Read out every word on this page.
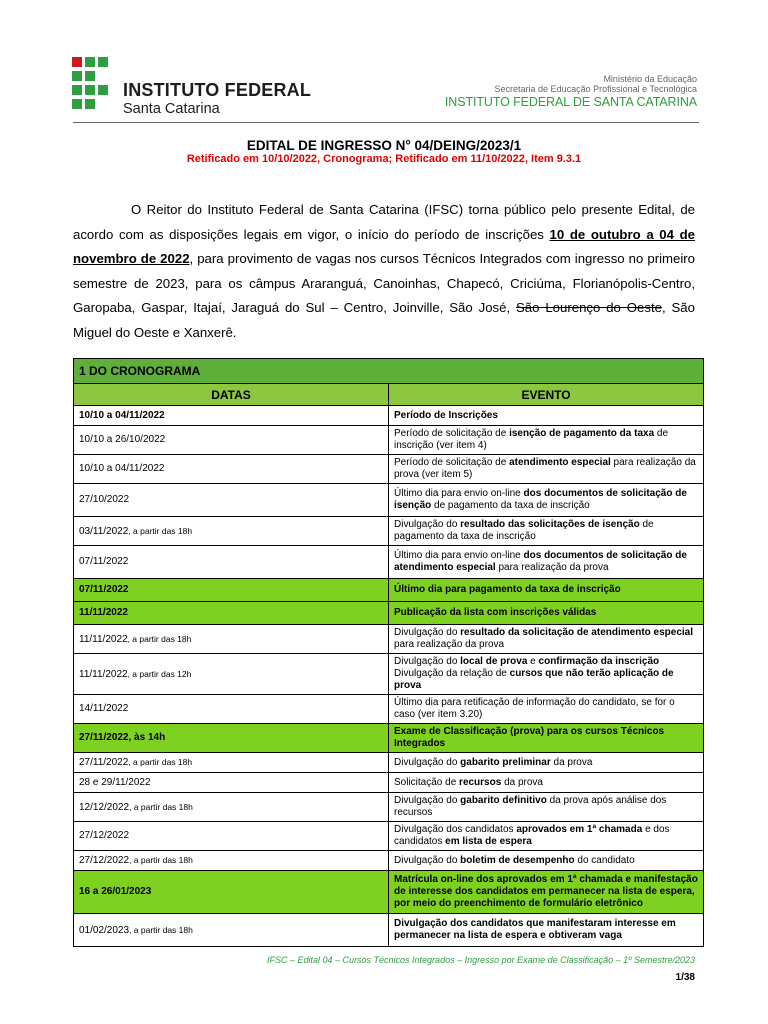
INSTITUTO FEDERAL
Santa Catarina
Ministério da Educação
Secretaria de Educação Profissional e Tecnológica
INSTITUTO FEDERAL DE SANTA CATARINA
EDITAL DE INGRESSO N° 04/DEING/2023/1
Retificado em 10/10/2022, Cronograma; Retificado em 11/10/2022, Item 9.3.1
O Reitor do Instituto Federal de Santa Catarina (IFSC) torna público pelo presente Edital, de acordo com as disposições legais em vigor, o início do período de inscrições 10 de outubro a 04 de novembro de 2022, para provimento de vagas nos cursos Técnicos Integrados com ingresso no primeiro semestre de 2023, para os câmpus Araranguá, Canoinhas, Chapecó, Criciúma, Florianópolis-Centro, Garopaba, Gaspar, Itajaí, Jaraguá do Sul – Centro, Joinville, São José, São Lourenço do Oeste, São Miguel do Oeste e Xanxerê.
1 DO CRONOGRAMA	
DATAS	EVENTO
10/10 a 04/11/2022	Período de Inscrições
10/10 a 26/10/2022	Período de solicitação de isenção de pagamento da taxa de inscrição (ver item 4)
10/10 a 04/11/2022	Período de solicitação de atendimento especial para realização da prova (ver item 5)
27/10/2022	Último dia para envio on-line dos documentos de solicitação de isenção de pagamento da taxa de inscrição
03/11/2022, a partir das 18h	Divulgação do resultado das solicitações de isenção de pagamento da taxa de inscrição
07/11/2022	Último dia para envio on-line dos documentos de solicitação de atendimento especial para realização da prova
07/11/2022	Último dia para pagamento da taxa de inscrição
11/11/2022	Publicação da lista com inscrições válidas
11/11/2022, a partir das 18h	Divulgação do resultado da solicitação de atendimento especial para realização da prova
11/11/2022, a partir das 12h	Divulgação do local de prova e confirmação da inscrição
Divulgação da relação de cursos que não terão aplicação de prova
14/11/2022	Último dia para retificação de informação do candidato, se for o caso (ver item 3.20)
27/11/2022, às 14h	Exame de Classificação (prova) para os cursos Técnicos Integrados
27/11/2022, a partir das 18h	Divulgação do gabarito preliminar da prova
28 e 29/11/2022	Solicitação de recursos da prova
12/12/2022, a partir das 18h	Divulgação do gabarito definitivo da prova após análise dos recursos
27/12/2022	Divulgação dos candidatos aprovados em 1ª chamada e dos candidatos em lista de espera
27/12/2022, a partir das 18h	Divulgação do boletim de desempenho do candidato
16 a 26/01/2023	Matrícula on-line dos aprovados em 1ª chamada e manifestação de interesse dos candidatos em permanecer na lista de espera, por meio do preenchimento de formulário eletrônico
01/02/2023, a partir das 18h	Divulgação dos candidatos que manifestaram interesse em permanecer na lista de espera e obtiveram vaga
IFSC – Edital 04 – Cursos Técnicos Integrados – Ingresso por Exame de Classificação – 1º Semestre/2023
1/38
